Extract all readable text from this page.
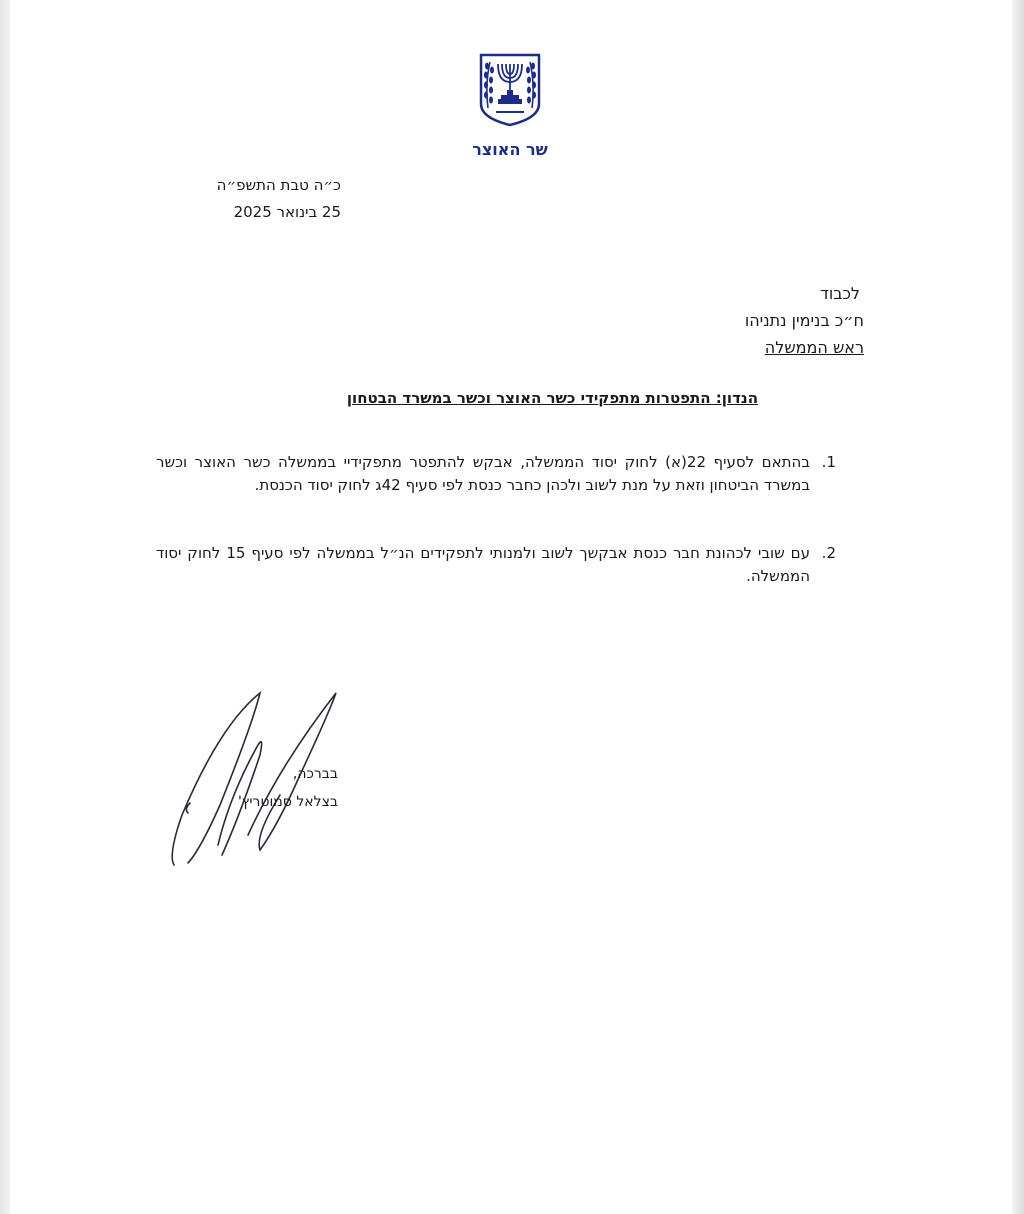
שר האוצר
כ״ה טבת התשפ״ה
25 בינואר 2025
לכבוד
ח״כ בנימין נתניהו
ראש הממשלה
הנדון: התפטרות מתפקידי כשר האוצר וכשר במשרד הבטחון
1.
בהתאם לסעיף 22(א) לחוק יסוד הממשלה, אבקש להתפטר מתפקידיי בממשלה כשר האוצר וכשר במשרד הביטחון וזאת על מנת לשוב ולכהן כחבר כנסת לפי סעיף 42ג לחוק יסוד הכנסת.
2.
עם שובי לכהונת חבר כנסת אבקשך לשוב ולמנותי לתפקידים הנ״ל בממשלה לפי סעיף 15 לחוק יסוד הממשלה.
בברכה,
בצלאל סמוטריץ'
